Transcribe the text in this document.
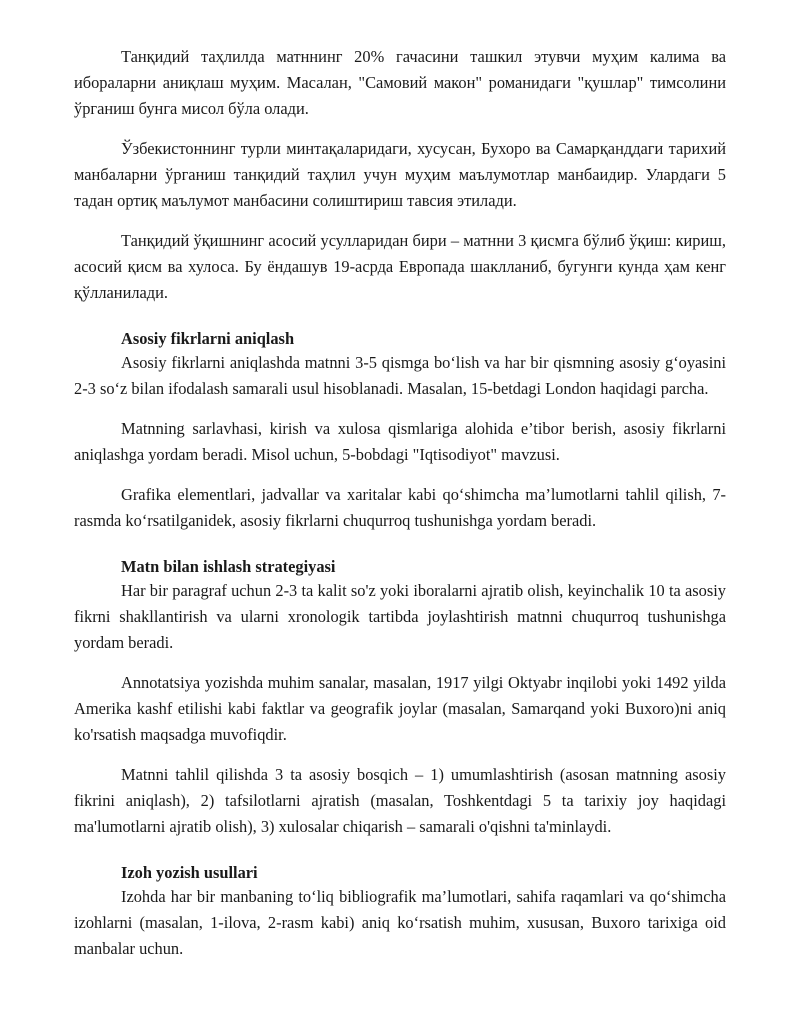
Танқидий таҳлилда матннинг 20% гачасини ташкил этувчи муҳим калима ва ибораларни аниқлаш муҳим. Масалан, "Самовий макон" романидаги "қушлар" тимсолини ўрганиш бунга мисол бўла олади.

Ўзбекистоннинг турли минтақаларидаги, хусусан, Бухоро ва Самарқанддаги тарихий манбаларни ўрганиш танқидий таҳлил учун муҳим маълумотлар манбаидир. Улардаги 5 тадан ортиқ маълумот манбасини солиштириш тавсия этилади.

Танқидий ўқишнинг асосий усулларидан бири – матнни 3 қисмга бўлиб ўқиш: кириш, асосий қисм ва хулоса. Бу ёндашув 19-асрда Европада шаклланиб, бугунги кунда ҳам кенг қўлланилади.

Asosiy fikrlarni aniqlash

Asosiy fikrlarni aniqlashda matnni 3-5 qismga bo‘lish va har bir qismning asosiy g‘oyasini 2-3 so‘z bilan ifodalash samarali usul hisoblanadi. Masalan, 15-betdagi London haqidagi parcha.

Matnning sarlavhasi, kirish va xulosa qismlariga alohida e’tibor berish, asosiy fikrlarni aniqlashga yordam beradi. Misol uchun, 5-bobdagi "Iqtisodiyot" mavzusi.

Grafika elementlari, jadvallar va xaritalar kabi qo‘shimcha ma’lumotlarni tahlil qilish, 7-rasmda ko‘rsatilganidek, asosiy fikrlarni chuqurroq tushunishga yordam beradi.

Matn bilan ishlash strategiyasi

Har bir paragraf uchun 2-3 ta kalit so'z yoki iboralarni ajratib olish, keyinchalik 10 ta asosiy fikrni shakllantirish va ularni xronologik tartibda joylashtirish matnni chuqurroq tushunishga yordam beradi.

Annotatsiya yozishda muhim sanalar, masalan, 1917 yilgi Oktyabr inqilobi yoki 1492 yilda Amerika kashf etilishi kabi faktlar va geografik joylar (masalan, Samarqand yoki Buxoro)ni aniq ko'rsatish maqsadga muvofiqdir.

Matnni tahlil qilishda 3 ta asosiy bosqich – 1) umumlashtirish (asosan matnning asosiy fikrini aniqlash), 2) tafsilotlarni ajratish (masalan, Toshkentdagi 5 ta tarixiy joy haqidagi ma'lumotlarni ajratib olish), 3) xulosalar chiqarish – samarali o'qishni ta'minlaydi.

Izoh yozish usullari

Izohda har bir manbaning to‘liq bibliografik ma’lumotlari, sahifa raqamlari va qo‘shimcha izohlarni (masalan, 1-ilova, 2-rasm kabi) aniq ko‘rsatish muhim, xususan, Buxoro tarixiga oid manbalar uchun.
